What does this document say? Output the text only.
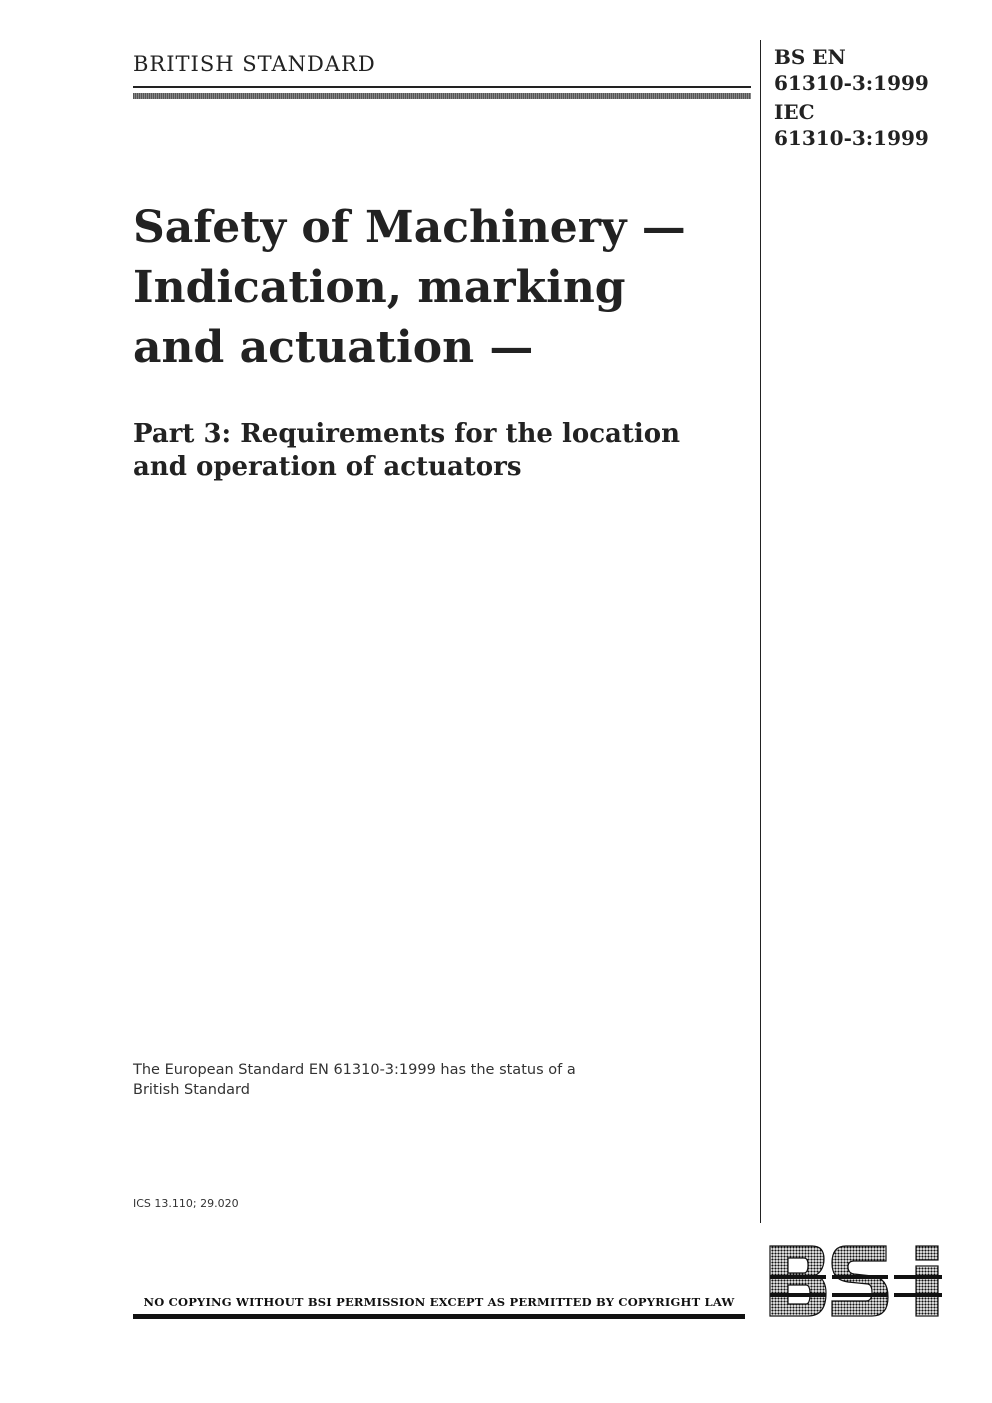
BRITISH STANDARD	BS EN
61310-3:1999
IEC
61310-3:1999
Safety of Machinery —
Indication, marking
and actuation —
Part 3: Requirements for the location
and operation of actuators
The European Standard EN 61310-3:1999 has the status of a
British Standard
ICS 13.110; 29.020
NO COPYING WITHOUT BSI PERMISSION EXCEPT AS PERMITTED BY COPYRIGHT LAW
BSi
